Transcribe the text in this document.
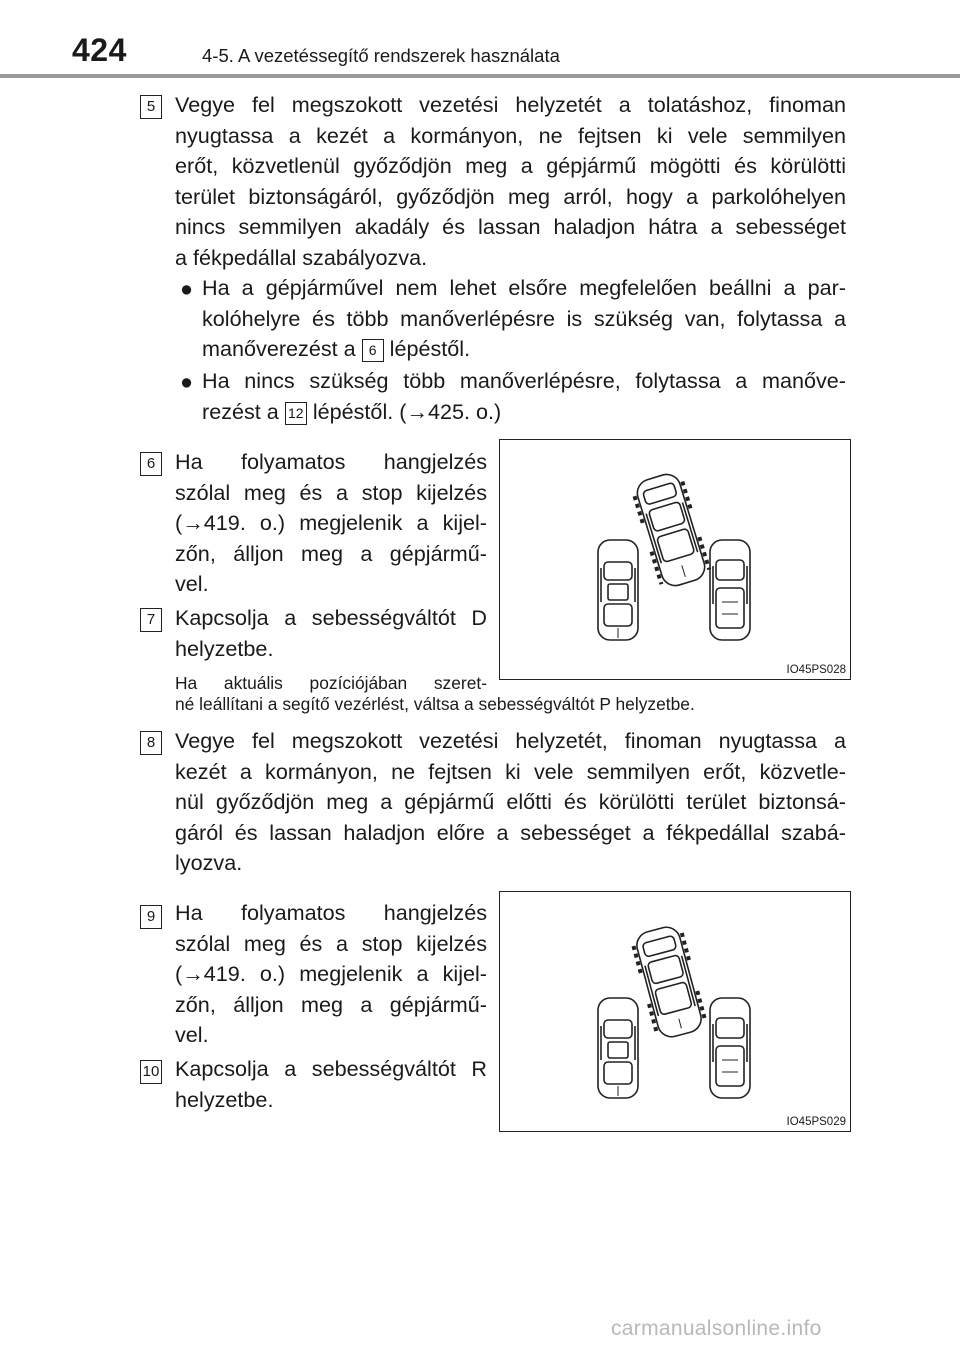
424	4-5. A vezetéssegítő rendszerek használata
5 Vegye fel megszokott vezetési helyzetét a tolatáshoz, finoman
nyugtassa a kezét a kormányon, ne fejtsen ki vele semmilyen
erőt, közvetlenül győződjön meg a gépjármű mögötti és körülötti
terület biztonságáról, győződjön meg arról, hogy a parkolóhelyen
nincs semmilyen akadály és lassan haladjon hátra a sebességet
a fékpedállal szabályozva.
● Ha a gépjárművel nem lehet elsőre megfelelően beállni a par-
kolóhelyre és több manőverlépésre is szükség van, folytassa a
manőverezést a 6 lépéstől.
● Ha nincs szükség több manőverlépésre, folytassa a manőve-
rezést a 12 lépéstől. (→425. o.)
6 Ha folyamatos hangjelzés
szólal meg és a stop kijelzés
(→419. o.) megjelenik a kijel-
zőn, álljon meg a gépjármű-
vel.
7 Kapcsolja a sebességváltót D
helyzetbe.
Ha aktuális pozíciójában szeret-
né leállítani a segítő vezérlést, váltsa a sebességváltót P helyzetbe.
IO45PS028
8 Vegye fel megszokott vezetési helyzetét, finoman nyugtassa a
kezét a kormányon, ne fejtsen ki vele semmilyen erőt, közvetle-
nül győződjön meg a gépjármű előtti és körülötti terület biztonsá-
gáról és lassan haladjon előre a sebességet a fékpedállal szabá-
lyozva.
9 Ha folyamatos hangjelzés
szólal meg és a stop kijelzés
(→419. o.) megjelenik a kijel-
zőn, álljon meg a gépjármű-
vel.
10 Kapcsolja a sebességváltót R
helyzetbe.
IO45PS029
carmanualsonline.info
